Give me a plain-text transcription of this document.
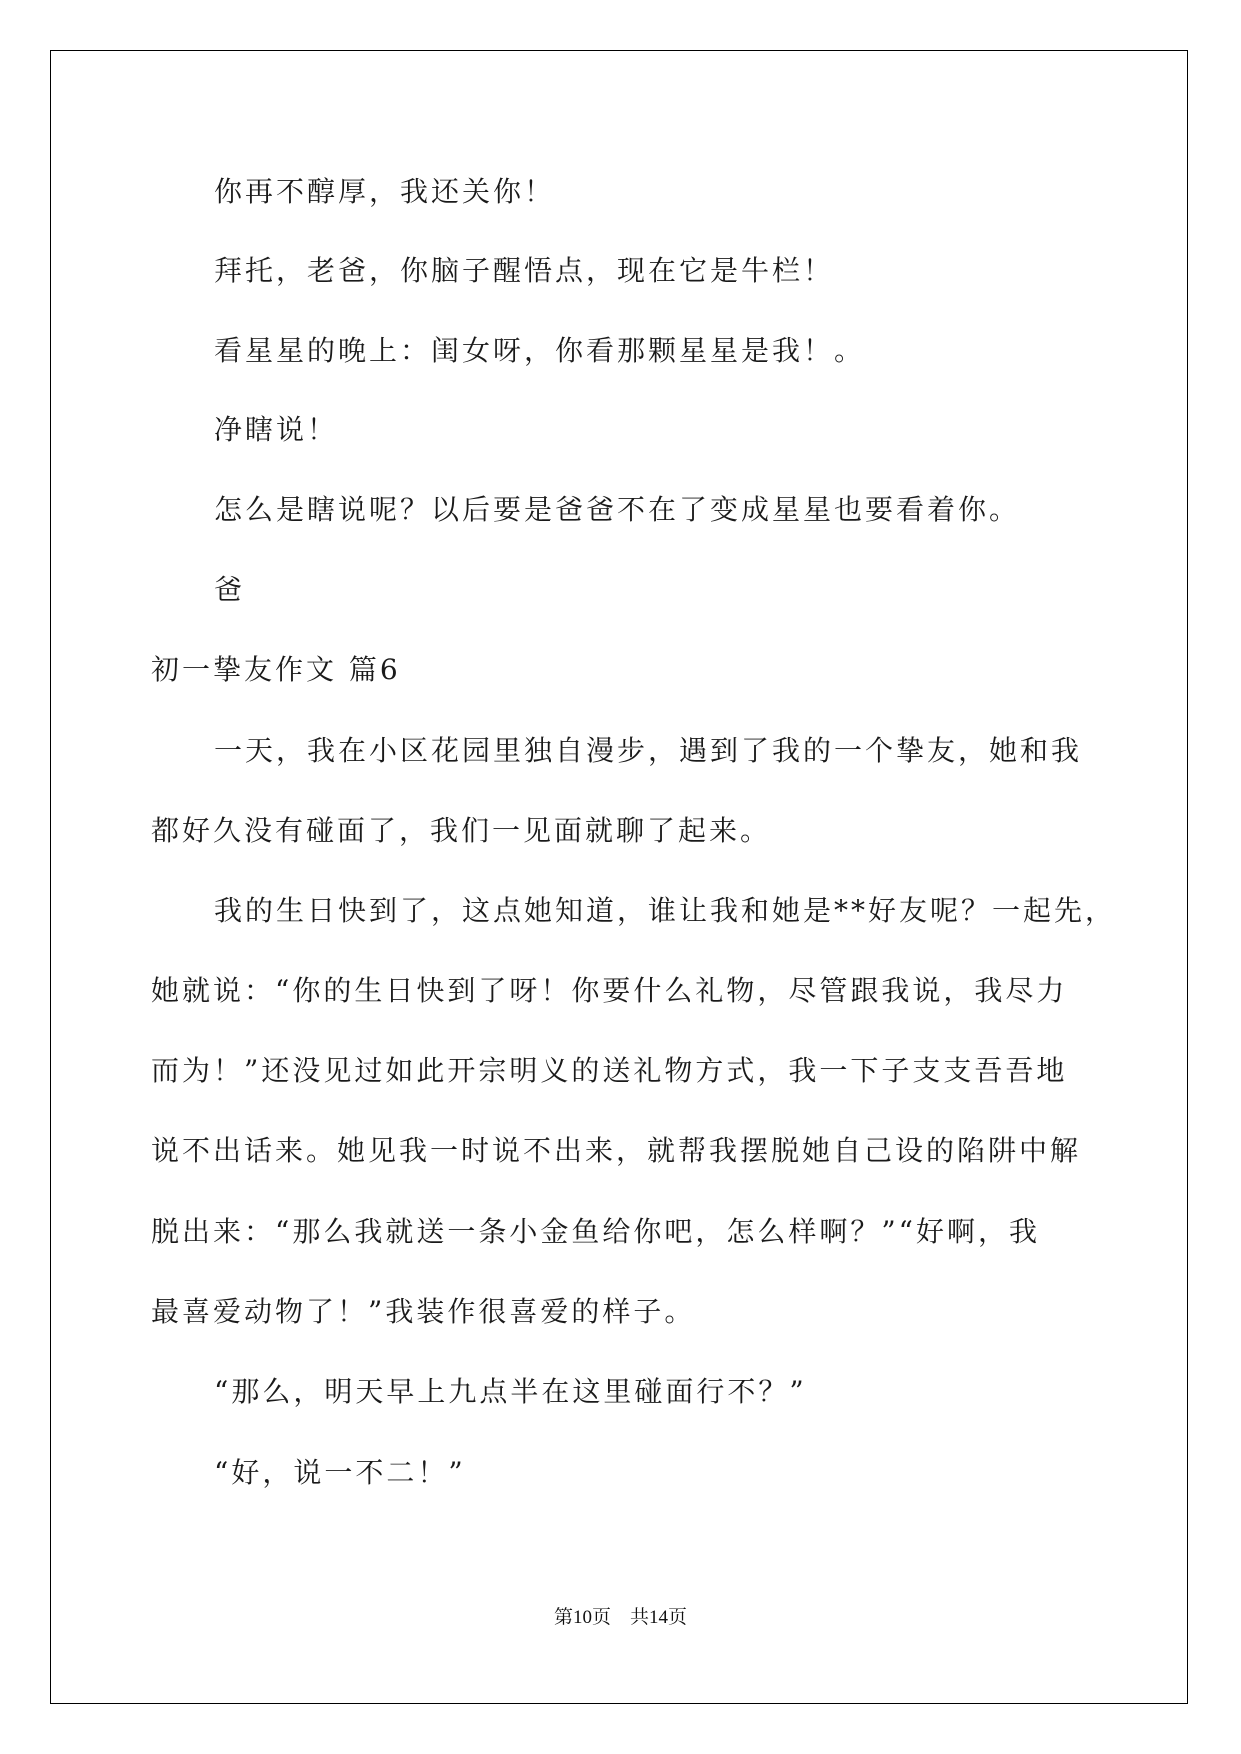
你再不醇厚，我还关你！
拜托，老爸，你脑子醒悟点，现在它是牛栏！
看星星的晚上：闺女呀，你看那颗星星是我！。
净瞎说！
怎么是瞎说呢？以后要是爸爸不在了变成星星也要看着你。
爸
初一挚友作文 篇6
一天，我在小区花园里独自漫步，遇到了我的一个挚友，她和我
都好久没有碰面了，我们一见面就聊了起来。
我的生日快到了，这点她知道，谁让我和她是**好友呢？一起先，
她就说：“你的生日快到了呀！你要什么礼物，尽管跟我说，我尽力
而为！”还没见过如此开宗明义的送礼物方式，我一下子支支吾吾地
说不出话来。她见我一时说不出来，就帮我摆脱她自己设的陷阱中解
脱出来：“那么我就送一条小金鱼给你吧，怎么样啊？”“好啊，我
最喜爱动物了！”我装作很喜爱的样子。
“那么，明天早上九点半在这里碰面行不？”
“好，说一不二！”
第10页　共14页
